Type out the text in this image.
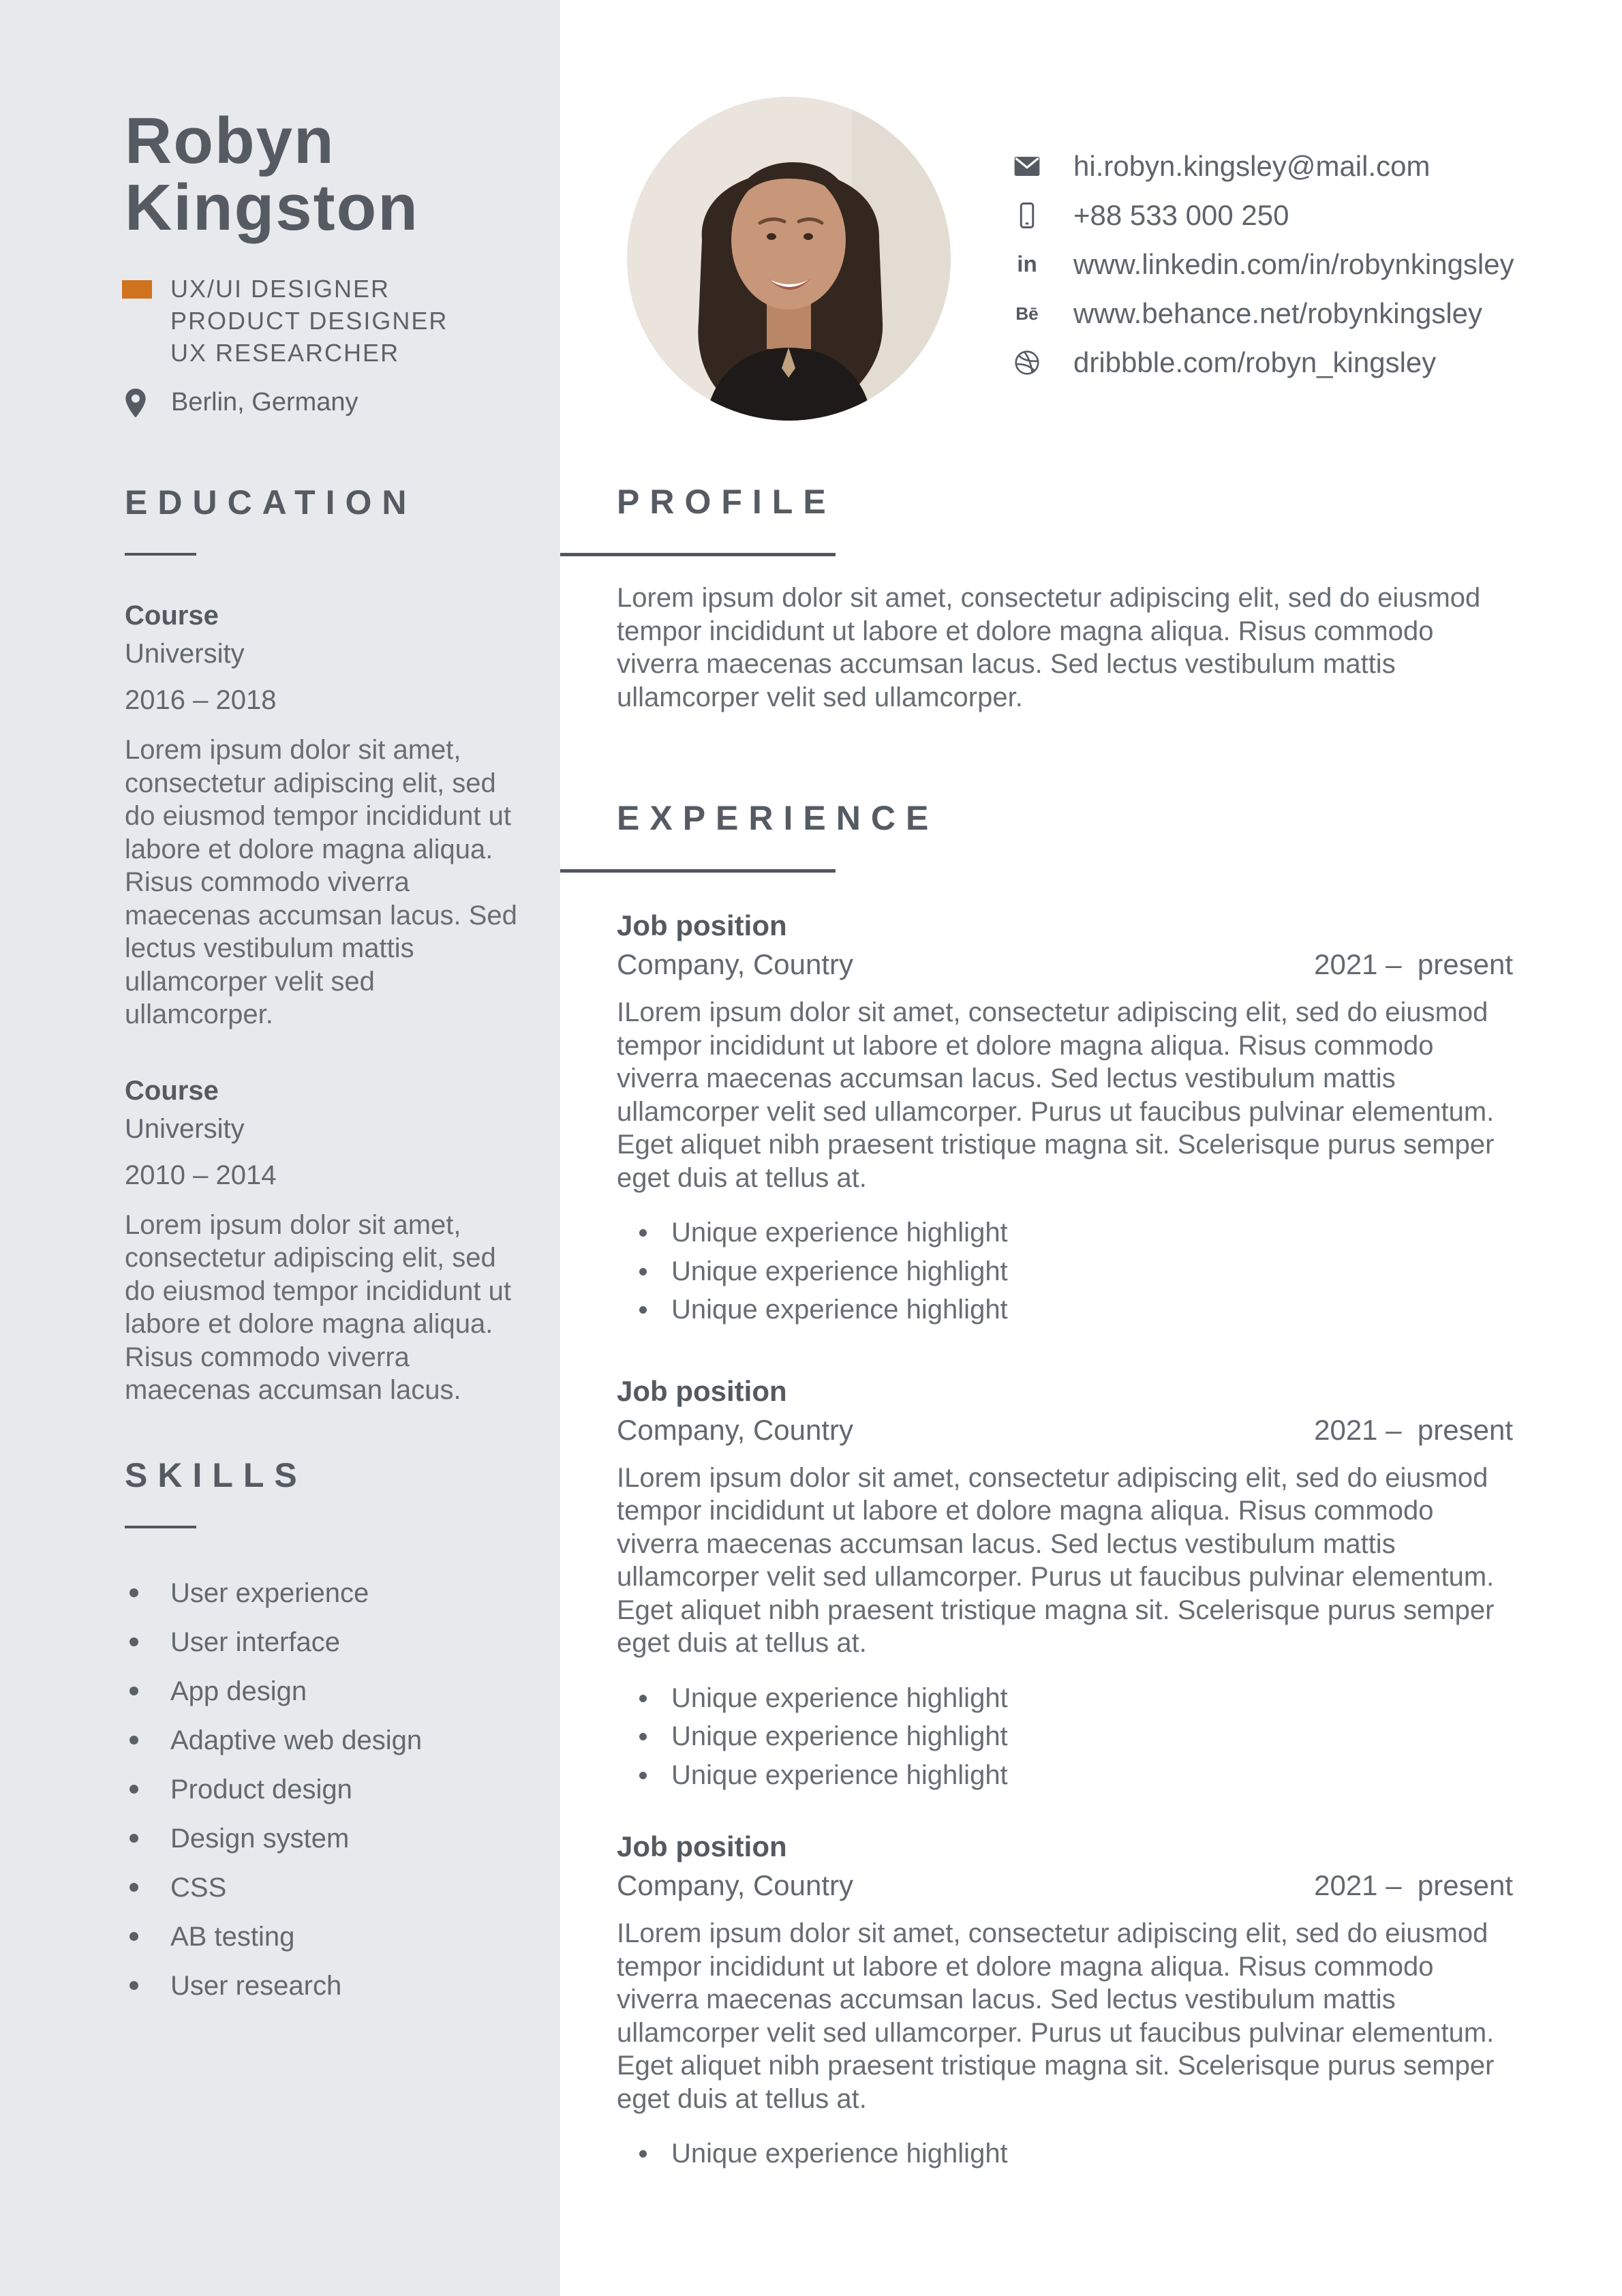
Robyn
Kingston
UX/UI DESIGNER
PRODUCT DESIGNER
UX RESEARCHER
Berlin, Germany
EDUCATION
Course
University
2016 – 2018

Lorem ipsum dolor sit amet, consectetur adipiscing elit, sed do eiusmod tempor incididunt ut labore et dolore magna aliqua. Risus commodo viverra maecenas accumsan lacus. Sed lectus vestibulum mattis ullamcorper velit sed ullamcorper.

Course
University
2010 – 2014

Lorem ipsum dolor sit amet, consectetur adipiscing elit, sed do eiusmod tempor incididunt ut labore et dolore magna aliqua. Risus commodo viverra maecenas accumsan lacus.

SKILLS
User experience
User interface
App design
Adaptive web design
Product design
Design system
CSS
AB testing
User research
hi.robyn.kingsley@mail.com
+88 533 000 250
in www.linkedin.com/in/robynkingsley
Bē www.behance.net/robynkingsley
dribbble.com/robyn_kingsley
PROFILE

Lorem ipsum dolor sit amet, consectetur adipiscing elit, sed do eiusmod tempor incididunt ut labore et dolore magna aliqua. Risus commodo viverra maecenas accumsan lacus. Sed lectus vestibulum mattis ullamcorper velit sed ullamcorper.

EXPERIENCE
Job position
Company, Country	2021 –  present

ILorem ipsum dolor sit amet, consectetur adipiscing elit, sed do eiusmod tempor incididunt ut labore et dolore magna aliqua. Risus commodo viverra maecenas accumsan lacus. Sed lectus vestibulum mattis ullamcorper velit sed ullamcorper. Purus ut faucibus pulvinar elementum. Eget aliquet nibh praesent tristique magna sit. Scelerisque purus semper eget duis at tellus at.

Unique experience highlight
Unique experience highlight
Unique experience highlight
Job position
Company, Country	2021 –  present

ILorem ipsum dolor sit amet, consectetur adipiscing elit, sed do eiusmod tempor incididunt ut labore et dolore magna aliqua. Risus commodo viverra maecenas accumsan lacus. Sed lectus vestibulum mattis ullamcorper velit sed ullamcorper. Purus ut faucibus pulvinar elementum. Eget aliquet nibh praesent tristique magna sit. Scelerisque purus semper eget duis at tellus at.

Unique experience highlight
Unique experience highlight
Unique experience highlight
Job position
Company, Country	2021 –  present

ILorem ipsum dolor sit amet, consectetur adipiscing elit, sed do eiusmod tempor incididunt ut labore et dolore magna aliqua. Risus commodo viverra maecenas accumsan lacus. Sed lectus vestibulum mattis ullamcorper velit sed ullamcorper. Purus ut faucibus pulvinar elementum. Eget aliquet nibh praesent tristique magna sit. Scelerisque purus semper eget duis at tellus at.

Unique experience highlight
